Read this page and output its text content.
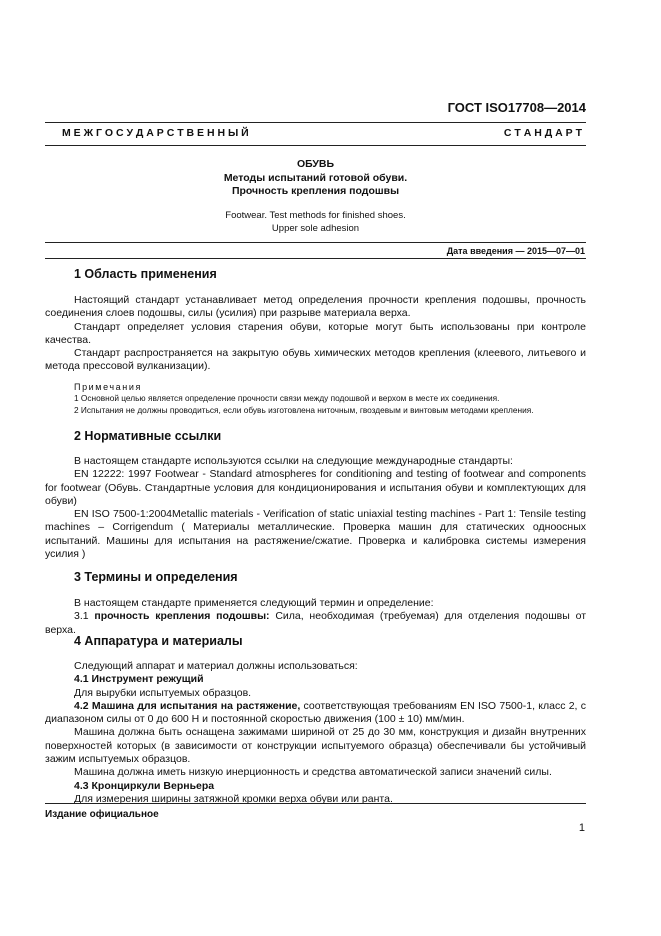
ГОСТ ISO17708—2014
М Е Ж Г О С У Д А Р С Т В Е Н Н Ы Й	С Т А Н Д А Р Т
ОБУВЬ
Методы испытаний готовой обуви.
Прочность крепления подошвы
Footwear. Test methods for finished shoes.
Upper sole adhesion
Дата введения — 2015—07—01
1 Область применения

Настоящий стандарт устанавливает метод определения прочности крепления подошвы, прочность соединения слоев подошвы, силы (усилия) при разрыве материала верха.

Стандарт определяет условия старения обуви, которые могут быть использованы при контроле качества.

Стандарт распространяется на закрытую обувь химических методов крепления (клеевого, литьевого и метода прессовой вулканизации).

Примечания
1 Основной целью является определение прочности связи между подошвой и верхом в месте их соединения.
2 Испытания не должны проводиться, если обувь изготовлена ниточным, гвоздевым и винтовым методами крепления.
2 Нормативные ссылки

В настоящем стандарте используются ссылки на следующие международные стандарты:

EN 12222: 1997 Footwear - Standard atmospheres for conditioning and testing of footwear and components for footwear (Обувь. Стандартные условия для кондиционирования и испытания обуви и комплектующих для обуви)

EN ISO 7500-1:2004Metallic materials - Verification of static uniaxial testing machines - Part 1: Tensile testing machines – Corrigendum ( Материалы металлические. Проверка машин для статических одноосных испытаний. Машины для испытания на растяжение/сжатие. Проверка и калибровка системы измерения усилия )

3 Термины и определения

В настоящем стандарте применяется следующий термин и определение:

3.1 прочность крепления подошвы: Сила, необходимая (требуемая) для отделения подошвы от верха.

4 Аппаратура и материалы

Следующий аппарат и материал должны использоваться:

4.1 Инструмент режущий

Для вырубки испытуемых образцов.

4.2 Машина для испытания на растяжение, соответствующая требованиям EN ISO 7500-1, класс 2, с диапазоном силы от 0 до 600 Н и постоянной скоростью движения (100 ± 10) мм/мин.

Машина должна быть оснащена зажимами шириной от 25 до 30 мм, конструкция и дизайн внутренних поверхностей которых (в зависимости от конструкции испытуемого образца) обеспечивали бы устойчивый зажим испытуемых образцов.

Машина должна иметь низкую инерционность и средства автоматической записи значений силы.

4.3 Кронциркули Верньера

Для измерения ширины затяжной кромки верха обуви или ранта.

Издание официальное
1
